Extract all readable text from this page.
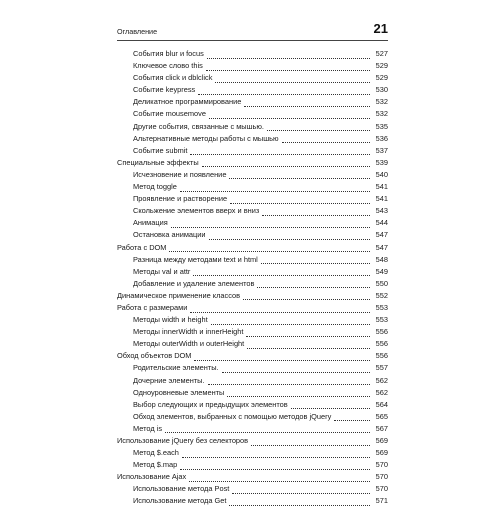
Оглавление	21
События blur и focus	527
Ключевое слово this	529
События click и dblclick	529
Событие keypress	530
Деликатное программирование	532
Событие mousemove	532
Другие события, связанные с мышью.	535
Альтернативные методы работы с мышью	536
Событие submit	537
Специальные эффекты	539
Исчезновение и появление	540
Метод toggle	541
Проявление и растворение	541
Скольжение элементов вверх и вниз	543
Анимация	544
Остановка анимации	547
Работа с DOM	547
Разница между методами text и html	548
Методы val и attr	549
Добавление и удаление элементов	550
Динамическое применение классов	552
Работа с размерами	553
Методы width и height	553
Методы innerWidth и innerHeight	556
Методы outerWidth и outerHeight	556
Обход объектов DOM	556
Родительские элементы.	557
Дочерние элементы.	562
Одноуровневые элементы	562
Выбор следующих и предыдущих элементов	564
Обход элементов, выбранных с помощью методов jQuery	565
Метод is	567
Использование jQuery без селекторов	569
Метод $.each	569
Метод $.map	570
Использование Ajax	570
Использование метода Post	570
Использование метода Get	571
